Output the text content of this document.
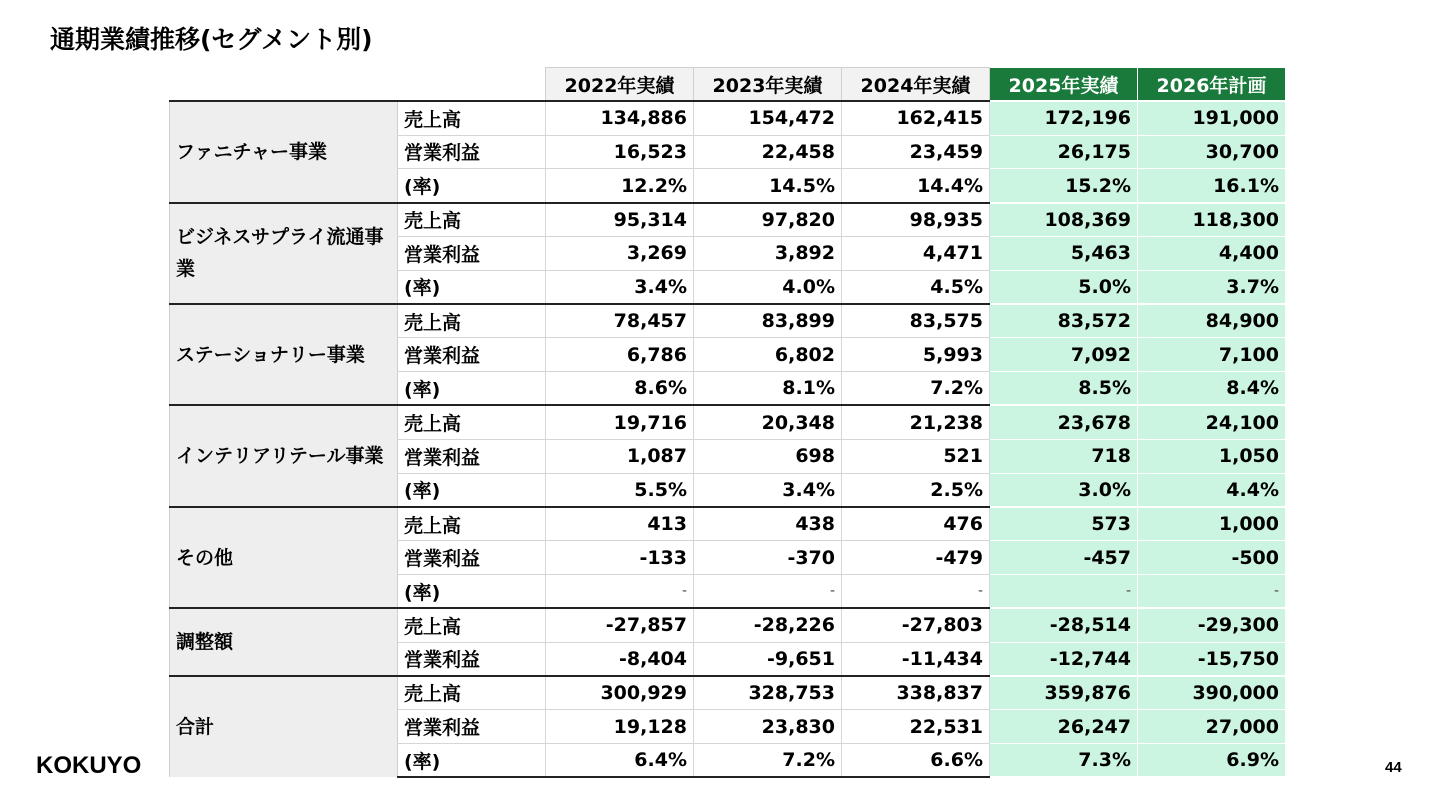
通期業績推移(セグメント別)
		2022年実績	2023年実績	2024年実績	2025年実績	2026年計画
ファニチャー事業	売上高	134,886	154,472	162,415	172,196	191,000
	営業利益	16,523	22,458	23,459	26,175	30,700
	(率)	12.2%	14.5%	14.4%	15.2%	16.1%
ビジネスサプライ流通事業	売上高	95,314	97,820	98,935	108,369	118,300
	営業利益	3,269	3,892	4,471	5,463	4,400
	(率)	3.4%	4.0%	4.5%	5.0%	3.7%
ステーショナリー事業	売上高	78,457	83,899	83,575	83,572	84,900
	営業利益	6,786	6,802	5,993	7,092	7,100
	(率)	8.6%	8.1%	7.2%	8.5%	8.4%
インテリアリテール事業	売上高	19,716	20,348	21,238	23,678	24,100
	営業利益	1,087	698	521	718	1,050
	(率)	5.5%	3.4%	2.5%	3.0%	4.4%
その他	売上高	413	438	476	573	1,000
	営業利益	-133	-370	-479	-457	-500
	(率)	-	-	-	-	-
調整額	売上高	-27,857	-28,226	-27,803	-28,514	-29,300
	営業利益	-8,404	-9,651	-11,434	-12,744	-15,750
合計	売上高	300,929	328,753	338,837	359,876	390,000
	営業利益	19,128	23,830	22,531	26,247	27,000
	(率)	6.4%	7.2%	6.6%	7.3%	6.9%
KOKUYO	44
